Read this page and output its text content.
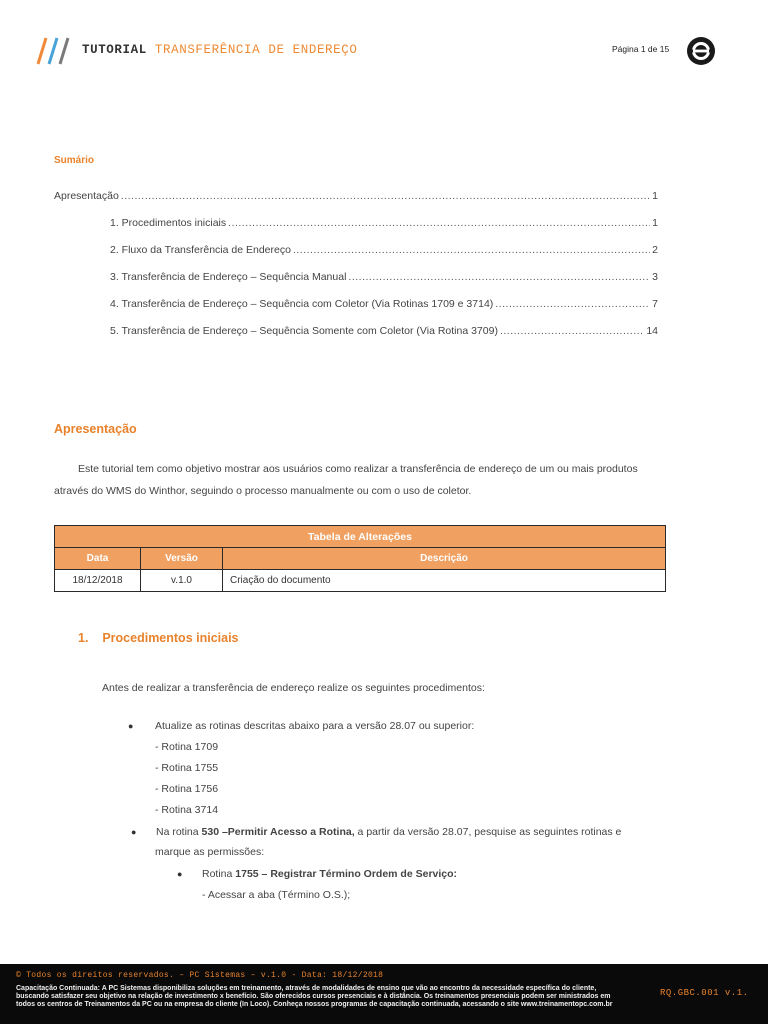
TUTORIAL TRANSFERÊNCIA DE ENDEREÇO	Página 1 de 15
Sumário
Apresentação .....	1
1. Procedimentos iniciais .....	1
2. Fluxo da Transferência de Endereço .....	2
3. Transferência de Endereço – Sequência Manual .....	3
4. Transferência de Endereço – Sequência com Coletor (Via Rotinas 1709 e 3714) .....	7
5. Transferência de Endereço – Sequência Somente com Coletor (Via Rotina 3709) .....	14
Apresentação
Este tutorial tem como objetivo mostrar aos usuários como realizar a transferência de endereço de um ou mais produtos através do WMS do Winthor, seguindo o processo manualmente ou com o uso de coletor.
Tabela de Alterações		
Data	Versão	Descrição
18/12/2018	v.1.0	Criação do documento
1. Procedimentos iniciais
Antes de realizar a transferência de endereço realize os seguintes procedimentos:
● Atualize as rotinas descritas abaixo para a versão 28.07 ou superior:
- Rotina 1709
- Rotina 1755
- Rotina 1756
- Rotina 3714
● Na rotina 530 –Permitir Acesso a Rotina, a partir da versão 28.07, pesquise as seguintes rotinas e
marque as permissões:
● Rotina 1755 – Registrar Término Ordem de Serviço:
- Acessar a aba (Término O.S.);
© Todos os direitos reservados. – PC Sistemas – v.1.0 - Data: 18/12/2018
Capacitação Continuada: A PC Sistemas disponibiliza soluções em treinamento, através de modalidades de ensino que vão ao encontro da necessidade específica do cliente, buscando satisfazer seu objetivo na relação de investimento x benefício. São oferecidos cursos presenciais e à distância. Os treinamentos presenciais podem ser ministrados em todos os centros de Treinamentos da PC ou na empresa do cliente (In Loco). Conheça nossos programas de capacitação continuada, acessando o site www.treinamentopc.com.br
RQ.GBC.001 v.1.
